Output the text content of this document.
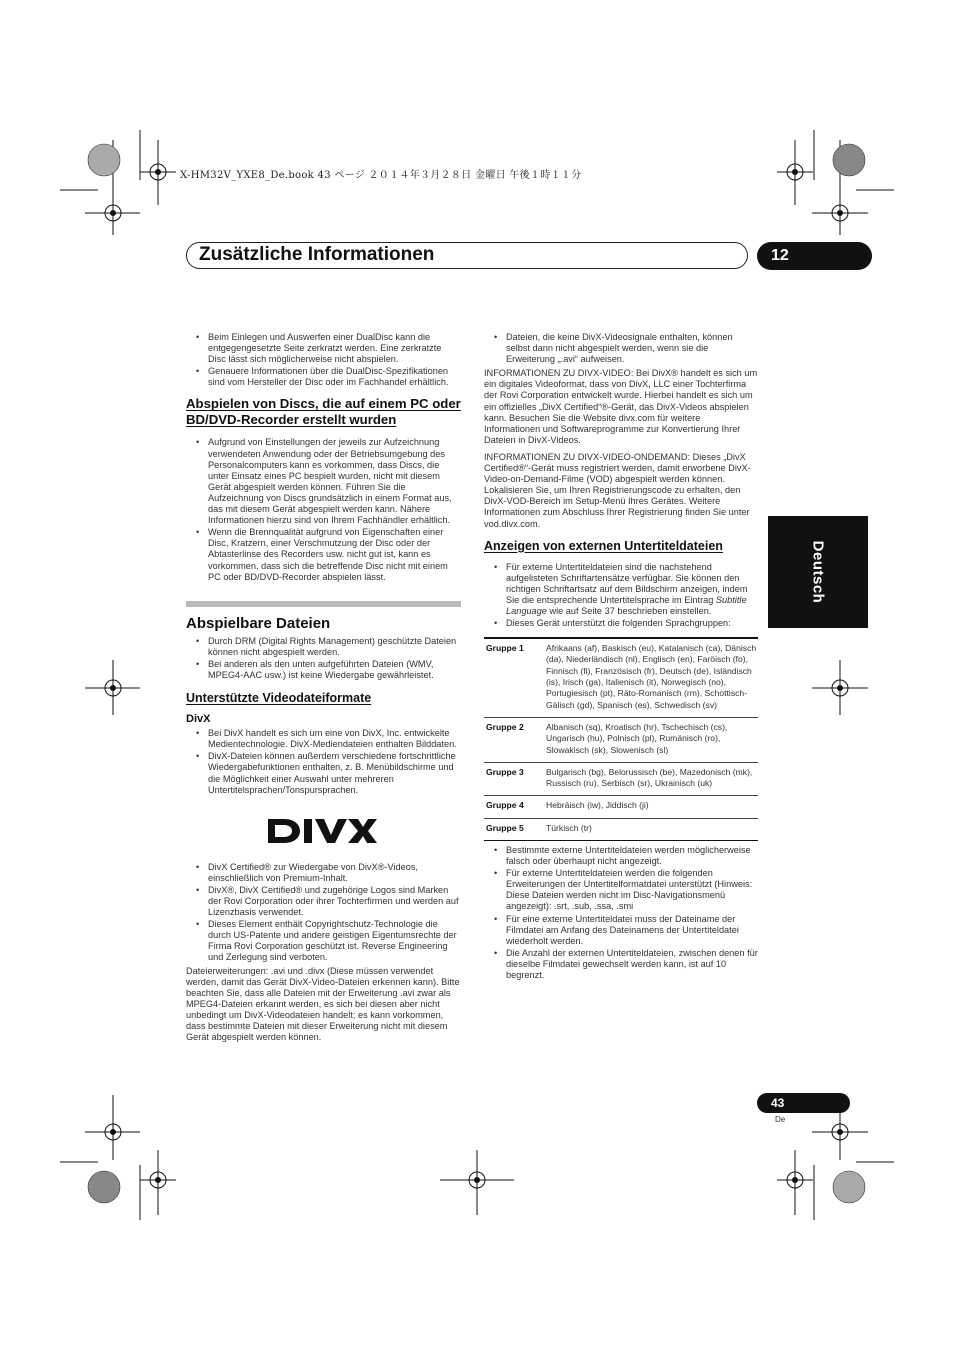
X-HM32V_YXE8_De.book 43 ページ ２０１４年３月２８日 金曜日 午後１時１１分
Zusätzliche Informationen	12
Deutsch
• Beim Einlegen und Auswerfen einer DualDisc kann die entgegengesetzte Seite zerkratzt werden. Eine zerkratzte Disc lässt sich möglicherweise nicht abspielen.
• Genauere Informationen über die DualDisc-Spezifikationen sind vom Hersteller der Disc oder im Fachhandel erhältlich.
Abspielen von Discs, die auf einem PC oder BD/DVD-Recorder erstellt wurden
• Aufgrund von Einstellungen der jeweils zur Aufzeichnung verwendeten Anwendung oder der Betriebsumgebung des Personalcomputers kann es vorkommen, dass Discs, die unter Einsatz eines PC bespielt wurden, nicht mit diesem Gerät abgespielt werden können. Führen Sie die Aufzeichnung von Discs grundsätzlich in einem Format aus, das mit diesem Gerät abgespielt werden kann. Nähere Informationen hierzu sind von Ihrem Fachhändler erhältlich.
• Wenn die Brennqualität aufgrund von Eigenschaften einer Disc, Kratzern, einer Verschmutzung der Disc oder der Abtasterlinse des Recorders usw. nicht gut ist, kann es vorkommen, dass sich die betreffende Disc nicht mit einem PC oder BD/DVD-Recorder abspielen lässt.
Abspielbare Dateien
• Durch DRM (Digital Rights Management) geschützte Dateien können nicht abgespielt werden.
• Bei anderen als den unten aufgeführten Dateien (WMV, MPEG4-AAC usw.) ist keine Wiedergabe gewährleistet.
Unterstützte Videodateiformate
DivX
• Bei DivX handelt es sich um eine von DivX, Inc. entwickelte Medientechnologie. DivX-Mediendateien enthalten Bilddaten.
• DivX-Dateien können außerdem verschiedene fortschrittliche Wiedergabefunktionen enthalten, z. B. Menübildschirme und die Möglichkeit einer Auswahl unter mehreren Untertitelsprachen/Tonspursprachen.
• DivX Certified® zur Wiedergabe von DivX®-Videos, einschließlich von Premium-Inhalt.
• DivX®, DivX Certified® und zugehörige Logos sind Marken der Rovi Corporation oder ihrer Tochterfirmen und werden auf Lizenzbasis verwendet.
• Dieses Element enthält Copyrightschutz-Technologie die durch US-Patente und andere geistigen Eigentumsrechte der Firma Rovi Corporation geschützt ist. Reverse Engineering und Zerlegung sind verboten.

Dateierweiterungen: .avi und .divx (Diese müssen verwendet werden, damit das Gerät DivX-Video-Dateien erkennen kann). Bitte beachten Sie, dass alle Dateien mit der Erweiterung .avi zwar als MPEG4-Dateien erkannt werden, es sich bei diesen aber nicht unbedingt um DivX-Videodateien handelt; es kann vorkommen, dass bestimmte Dateien mit dieser Erweiterung nicht mit diesem Gerät abgespielt werden können.

• Dateien, die keine DivX-Videosignale enthalten, können selbst dann nicht abgespielt werden, wenn sie die Erweiterung „.avi“ aufweisen.

INFORMATIONEN ZU DIVX-VIDEO: Bei DivX® handelt es sich um ein digitales Videoformat, dass von DivX, LLC einer Tochterfirma der Rovi Corporation entwickelt wurde. Hierbei handelt es sich um ein offizielles „DivX Certified“®-Gerät, das DivX-Videos abspielen kann. Besuchen Sie die Website divx.com für weitere Informationen und Softwareprogramme zur Konvertierung Ihrer Dateien in DivX-Videos.

INFORMATIONEN ZU DIVX-VIDEO-ONDEMAND: Dieses „DivX Certified®“-Gerät muss registriert werden, damit erworbene DivX-Video-on-Demand-Filme (VOD) abgespielt werden können. Lokalisieren Sie, um Ihren Registrierungscode zu erhalten, den DivX-VOD-Bereich im Setup-Menü Ihres Gerätes. Weitere Informationen zum Abschluss Ihrer Registrierung finden Sie unter vod.divx.com.

Anzeigen von externen Untertiteldateien
• Für externe Untertiteldateien sind die nachstehend aufgelisteten Schriftartensätze verfügbar. Sie können den richtigen Schriftartsatz auf dem Bildschirm anzeigen, indem Sie die entsprechende Untertitelsprache im Eintrag Subtitle Language wie auf Seite 37 beschrieben einstellen.
• Dieses Gerät unterstützt die folgenden Sprachgruppen:
Gruppe 1	Afrikaans (af), Baskisch (eu), Katalanisch (ca), Dänisch (da), Niederländisch (nl), Englisch (en), Faröisch (fo), Finnisch (fi), Französisch (fr), Deutsch (de), Isländisch (is), Irisch (ga), Italienisch (it), Norwegisch (no), Portugiesisch (pt), Räto-Romanisch (rm), Schottisch-Gälisch (gd), Spanisch (es), Schwedisch (sv)
Gruppe 2	Albanisch (sq), Kroatisch (hr), Tschechisch (cs), Ungarisch (hu), Polnisch (pl), Rumänisch (ro), Slowakisch (sk), Slowenisch (sl)
Gruppe 3	Bulgarisch (bg), Belorussisch (be), Mazedonisch (mk), Russisch (ru), Serbisch (sr), Ukrainisch (uk)
Gruppe 4	Hebräisch (iw), Jiddisch (ji)
Gruppe 5	Türkisch (tr)
• Bestimmte externe Untertiteldateien werden möglicherweise falsch oder überhaupt nicht angezeigt.
• Für externe Untertiteldateien werden die folgenden Erweiterungen der Untertitelformatdatei unterstützt (Hinweis: Diese Dateien werden nicht im Disc-Navigationsmenü angezeigt): .srt, .sub, .ssa, .smi
• Für eine externe Untertiteldatei muss der Dateiname der Filmdatei am Anfang des Dateinamens der Untertiteldatei wiederholt werden.
• Die Anzahl der externen Untertiteldateien, zwischen denen für dieselbe Filmdatei gewechselt werden kann, ist auf 10 begrenzt.
43
De
